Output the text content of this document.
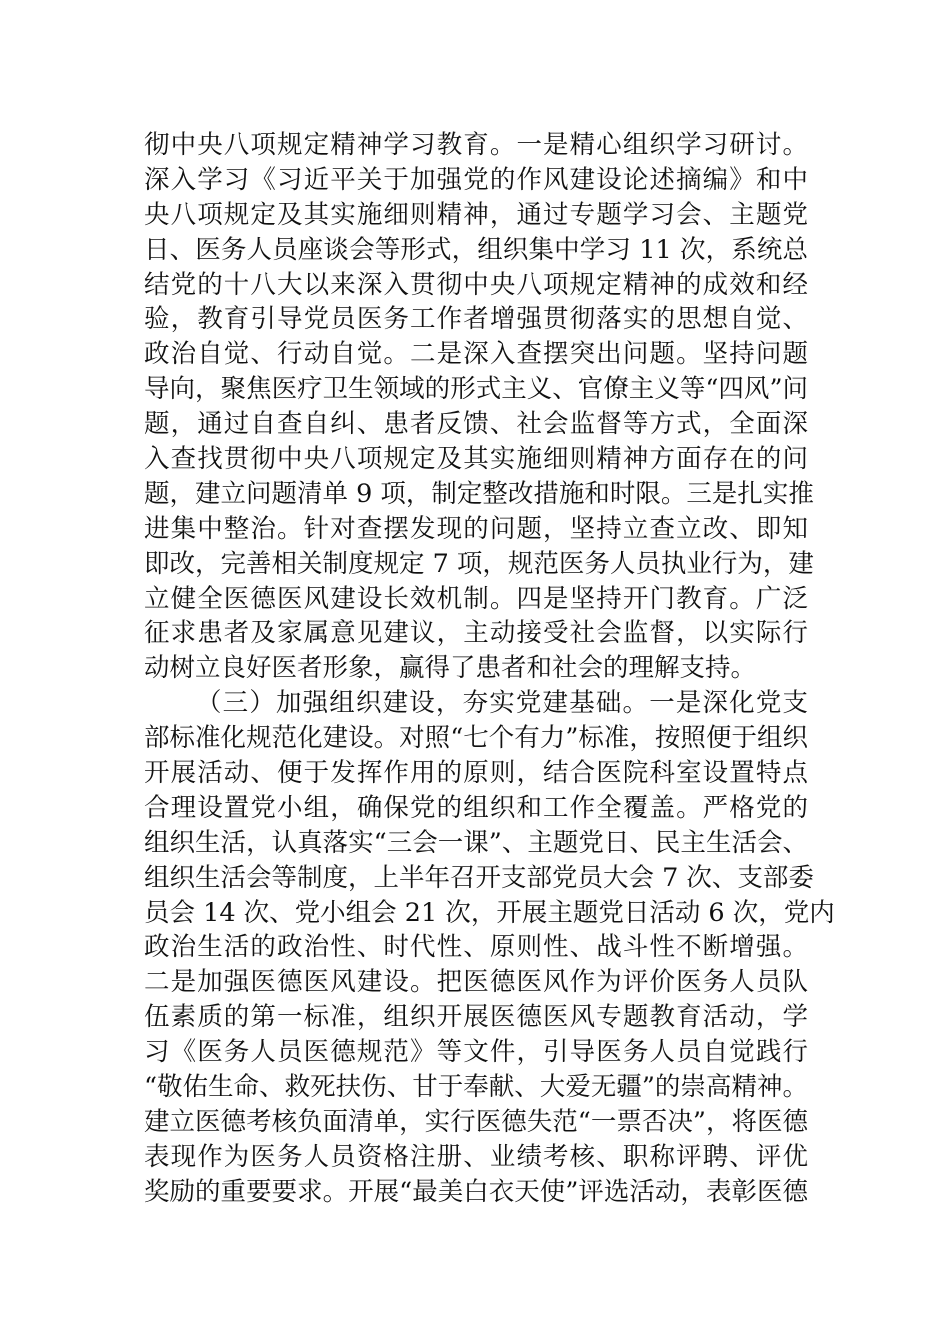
彻中央八项规定精神学习教育。一是精心组织学习研讨。
深入学习《习近平关于加强党的作风建设论述摘编》和中
央八项规定及其实施细则精神，通过专题学习会、主题党
日、医务人员座谈会等形式，组织集中学习 11 次，系统总
结党的十八大以来深入贯彻中央八项规定精神的成效和经
验，教育引导党员医务工作者增强贯彻落实的思想自觉、
政治自觉、行动自觉。二是深入查摆突出问题。坚持问题
导向，聚焦医疗卫生领域的形式主义、官僚主义等“四风”问
题，通过自查自纠、患者反馈、社会监督等方式，全面深
入查找贯彻中央八项规定及其实施细则精神方面存在的问
题，建立问题清单 9 项，制定整改措施和时限。三是扎实推
进集中整治。针对查摆发现的问题，坚持立查立改、即知
即改，完善相关制度规定 7 项，规范医务人员执业行为，建
立健全医德医风建设长效机制。四是坚持开门教育。广泛
征求患者及家属意见建议，主动接受社会监督，以实际行
动树立良好医者形象，赢得了患者和社会的理解支持。
（三）加强组织建设，夯实党建基础。一是深化党支
部标准化规范化建设。对照“七个有力”标准，按照便于组织
开展活动、便于发挥作用的原则，结合医院科室设置特点
合理设置党小组，确保党的组织和工作全覆盖。严格党的
组织生活，认真落实“三会一课”、主题党日、民主生活会、
组织生活会等制度，上半年召开支部党员大会 7 次、支部委
员会 14 次、党小组会 21 次，开展主题党日活动 6 次，党内
政治生活的政治性、时代性、原则性、战斗性不断增强。
二是加强医德医风建设。把医德医风作为评价医务人员队
伍素质的第一标准，组织开展医德医风专题教育活动，学
习《医务人员医德规范》等文件，引导医务人员自觉践行
“敬佑生命、救死扶伤、甘于奉献、大爱无疆”的崇高精神。
建立医德考核负面清单，实行医德失范“一票否决”，将医德
表现作为医务人员资格注册、业绩考核、职称评聘、评优
奖励的重要要求。开展“最美白衣天使”评选活动，表彰医德
